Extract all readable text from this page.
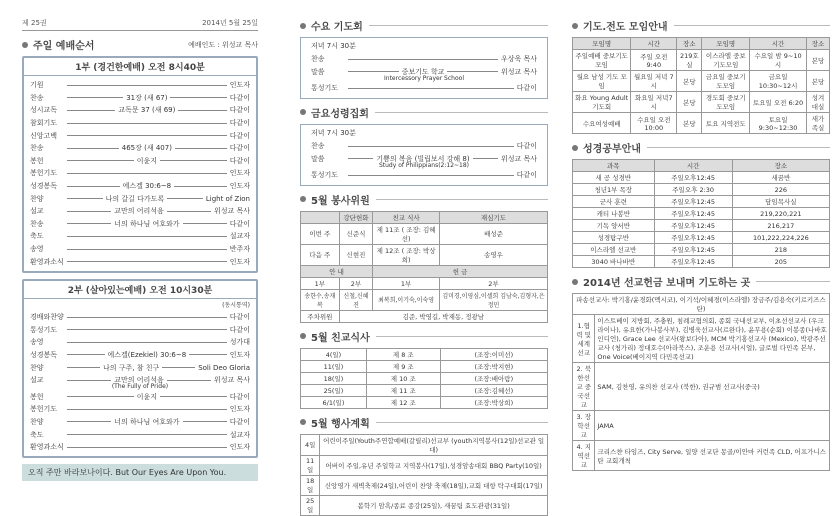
제 25권	2014년 5월 25일
주일 예배순서	예배인도 : 위성교 목사
1부 (경건한예배) 오전 8시40분
기원	인도자
찬송	31장 (새 67)	다같이
성시교독	교독문 37 (새 69)	다같이
참회기도	다같이
신앙고백	다같이
찬송	465장 (새 407)	다같이
봉헌	이윤지	다같이
봉헌기도	인도자
성경봉독	에스겔 30:6~8	인도자
찬양	나의 갈길 다가도록	Light of Zion
설교	교만의 어리석음	위성교 목사
찬송	너의 하나님 여호와가	다같이
축도	설교자
송영	반주자
환영과소식	인도자
2부 (살아있는예배) 오전 10시30분
(동시통역)
경배와찬양	다같이
통성기도	다같이
송영	성가대
성경봉독	에스겔(Ezekiel) 30:6~8	인도자
찬양	나의 구주, 참 친구	Soli Deo Gloria
설교	교만의 어리석음	위성교 목사
(The Fully of Pride)
봉헌	이윤지	다같이
봉헌기도	인도자
찬양	너의 하나님 여호와가	다같이
축도	설교자
환영과소식	인도자
오직 주만 바라보나이다. But Our Eyes Are Upon You.
수요 기도회
저녁 7시 30분
찬송	우상욱 목사
말씀	중보기도 학교	위성교 목사
Intercessory Prayer School
통성기도	다같이
금요성령집회
저녁 7시 30분
찬송	다같이
말씀	기쁨의 복음 (빌립보서 강해 8)	위성교 목사
Study of Philippians(2:12~18)
통성기도	다같이
5월 봉사위원
	강단헌화	친교 식사	재심기도
이번 주	신준식	제 11조 ( 조장: 김혜선)	배성준
다음 주	신현진	제 12조 ( 조장: 박상희)	송영우
안 내		헌 금	
1부	2부	1부	2부
송한수,송재복	신철,신혜진	최복희,이기숙,이숙영	김미경,이영심,이셀희 김남숙,김형자,은정민
주차위원	김준, 박영길, 박재동, 정광남		
5월 친교식사
4(일)	제 8 조	(조장:이미선)
11(일)	제 9 조	(조장:박지현)
18(일)	제 10 조	(조장:배아람)
25(일)	제 11 조	(조장:김혜선)
6/1(일)	제 12 조	(조장:박상희)
5월 행사계획
4일	어린이주일(Youth주연합예배(갈릴리)선교부 (youth지역봉사(12일)선교관 일대)
11일	어버이 주일,유년 주일학교 지역봉사(17일),성경암송대회 BBQ Party(10일)
18일	신앙영가 새벽축제(24일),어린이 찬양 축제(18일),교회 대항 탁구대회(17일)
25일	봄학기 암흑/종료 종강(25일), 새꿈팀 효도관광(31일)
기도.전도 모임안내
모임명	시간	장소	모임명	시간	장소
주일예배 중보기도모임	주일 오전 9:40	219호실	이스라엘 중보기도모임	수요일 밤 9~10시	본당
월요 남성 기도 모임	월요일 저녁 7시	본당	금요일 중보기도모임	금요일 10:30~12시	본당
화요 Young Adult 기도회	화요일 저녁7시	본당	경도회 중보기도모임	토요일 오전 6:20	성겨대실
수요여성예배	수요일 오전 10:00	본당	토요 지역전도	토요일 9:30~12:30	새가족실
성경공부안내
과목	시간	장소
새 공 성경반	주일오후12:45	새꿈반
청년1부 목장	주일오후 2:30	226
군사 훈련	주일오후12:45	담임목사실
캐티 나봉반	주일오후12:45	219,220,221
기독 양서반	주일오후12:45	216,217
성경탐구반	주일오후12:45	101,222,224,226
이스라엘 선교반	주일오후12:45	218
3040 바나바반	주일오후12:45	205
2014년 선교헌금 보내며 기도하는 곳
파송선교사: 박기홍/윤경화(멕시코), 이기석/이혜경(이스라엘) 장금주/김용숙(키르키즈스탄)	
1.협력 및 세계선교	이스트베이 지방회, 주충원, 침례교협의회, 종회 국내선교부, 이초선선교사 (우크라이나), 유요한(가나봉사부), 김병욱선교사(르완다), 윤무용(순회) 이봉종(나바호 인디언), Grace Lee 선교사(왕보다아), MCM 박기홍선교사 (Mexico), 박광주선교사 (청가리) 정대호수(아라북스), 조운용 선교사(시얼), 글로벌 다민족 본부, One Voice(베이지역 다민족선교)
2. 북한선교 중국선교	SAM, 김찬영, 유의찬 선교사 (북한), 권규범 선교사(중국)
3. 장학선교	JAMA
4. 지역선교	크리스챤 타임즈, City Serve, 일양 선교단 몽골/이안마 커런족 CLD, 어프가니스탄 교회개척
